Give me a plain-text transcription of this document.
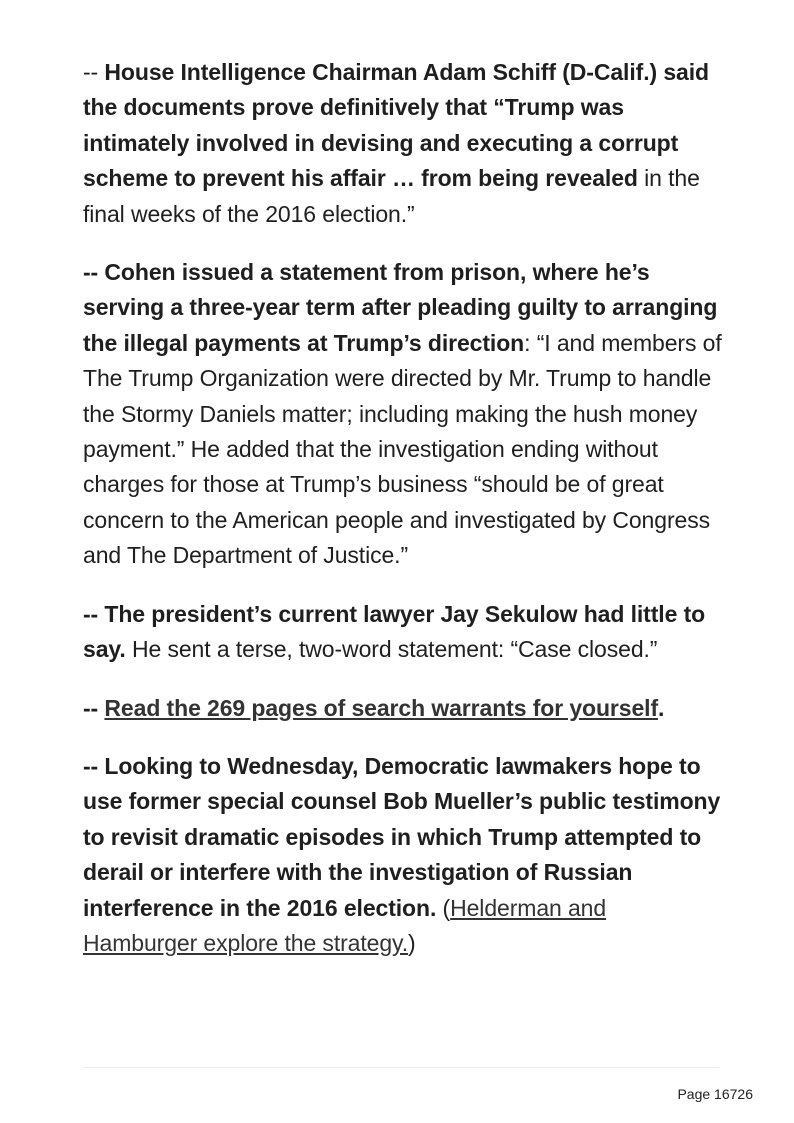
-- House Intelligence Chairman Adam Schiff (D-Calif.) said the documents prove definitively that “Trump was intimately involved in devising and executing a corrupt scheme to prevent his affair … from being revealed in the final weeks of the 2016 election.”

-- Cohen issued a statement from prison, where he’s serving a three-year term after pleading guilty to arranging the illegal payments at Trump’s direction: “I and members of The Trump Organization were directed by Mr. Trump to handle the Stormy Daniels matter; including making the hush money payment.” He added that the investigation ending without charges for those at Trump’s business “should be of great concern to the American people and investigated by Congress and The Department of Justice.”

-- The president’s current lawyer Jay Sekulow had little to say. He sent a terse, two-word statement: “Case closed.”

-- Read the 269 pages of search warrants for yourself.

-- Looking to Wednesday, Democratic lawmakers hope to use former special counsel Bob Mueller’s public testimony to revisit dramatic episodes in which Trump attempted to derail or interfere with the investigation of Russian interference in the 2016 election. (Helderman and Hamburger explore the strategy.)

Page 16726
